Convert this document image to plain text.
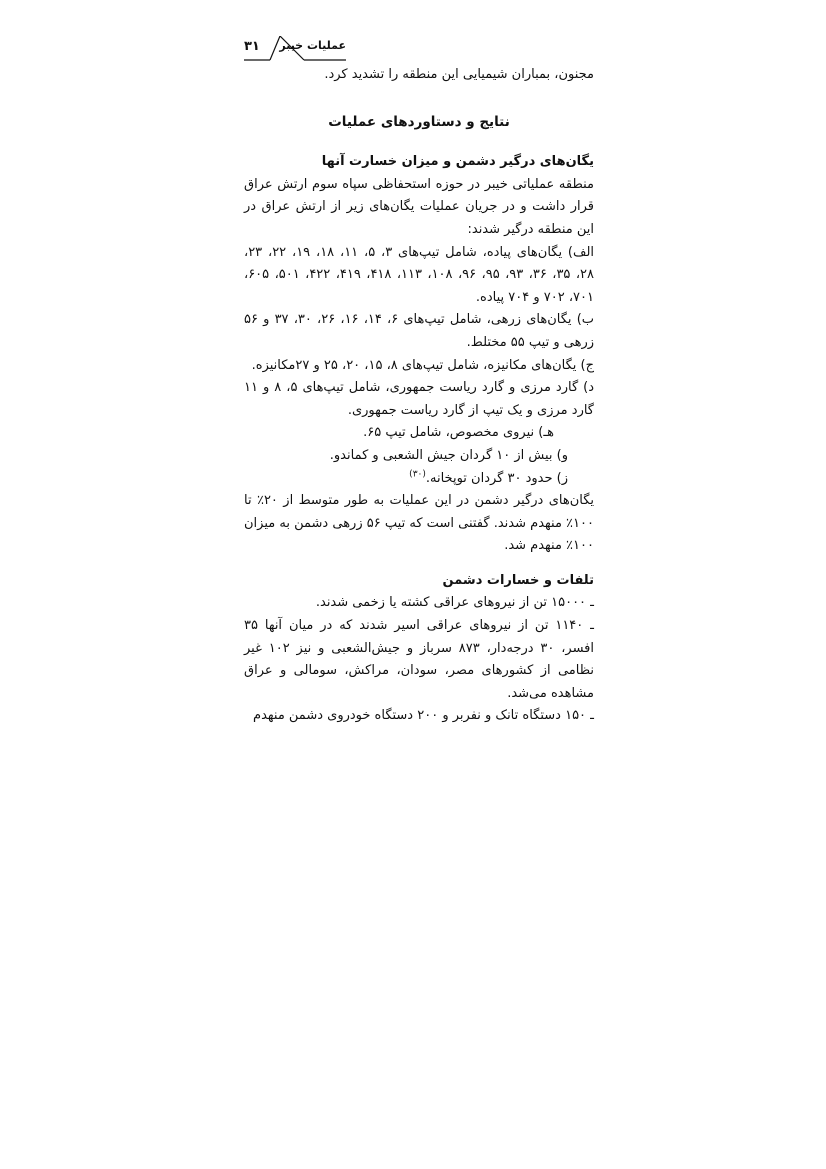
۳۱	عملیات خیبر

مجنون، بمباران شیمیایی این منطقه را تشدید کرد.

نتایج و دستاوردهای عملیات

یگان‌های درگیر دشمن و میزان خسارت آنها

منطقه عملیاتی خیبر در حوزه استحفاظی سپاه سوم ارتش عراق قرار داشت و در جریان عملیات یگان‌های زیر از ارتش عراق در این منطقه درگیر شدند:

الف) یگان‌های پیاده، شامل تیپ‌های ۳، ۵، ۱۱، ۱۸، ۱۹، ۲۲، ۲۳، ۲۸، ۳۵، ۳۶، ۹۳، ۹۵، ۹۶، ۱۰۸، ۱۱۳، ۴۱۸، ۴۱۹، ۴۲۲، ۵۰۱، ۶۰۵، ۷۰۱، ۷۰۲ و ۷۰۴ پیاده.

ب) یگان‌های زرهی، شامل تیپ‌های ۶، ۱۴، ۱۶، ۲۶، ۳۰، ۳۷ و ۵۶ زرهی و تیپ ۵۵ مختلط.

ج) یگان‌های مکانیزه، شامل تیپ‌های ۸، ۱۵، ۲۰، ۲۵ و ۲۷مکانیزه.

د) گارد مرزی و گارد ریاست جمهوری، شامل تیپ‌های ۵، ۸ و ۱۱ گارد مرزی و یک تیپ از گارد ریاست جمهوری.

هـ) نیروی مخصوص، شامل تیپ ۶۵.

و) بیش از ۱۰ گردان جیش الشعبی و کماندو.

ز) حدود ۳۰ گردان توپخانه.$^{(۳۰)}$

یگان‌های درگیر دشمن در این عملیات به طور متوسط از ۲۰٪ تا ۱۰۰٪ منهدم شدند. گفتنی است که تیپ ۵۶ زرهی دشمن به میزان ۱۰۰٪ منهدم شد.

تلفات و خسارات دشمن

ـ ۱۵۰۰۰ تن از نیروهای عراقی کشته یا زخمی شدند.

ـ ۱۱۴۰ تن از نیروهای عراقی اسیر شدند که در میان آنها ۳۵ افسر، ۳۰ درجه‌دار، ۸۷۳ سرباز و جیش‌الشعبی و نیز ۱۰۲ غیر نظامی از کشورهای مصر، سودان، مراکش، سومالی و عراق مشاهده می‌شد.

ـ ۱۵۰ دستگاه تانک و نفربر و ۲۰۰ دستگاه خودروی دشمن منهدم
